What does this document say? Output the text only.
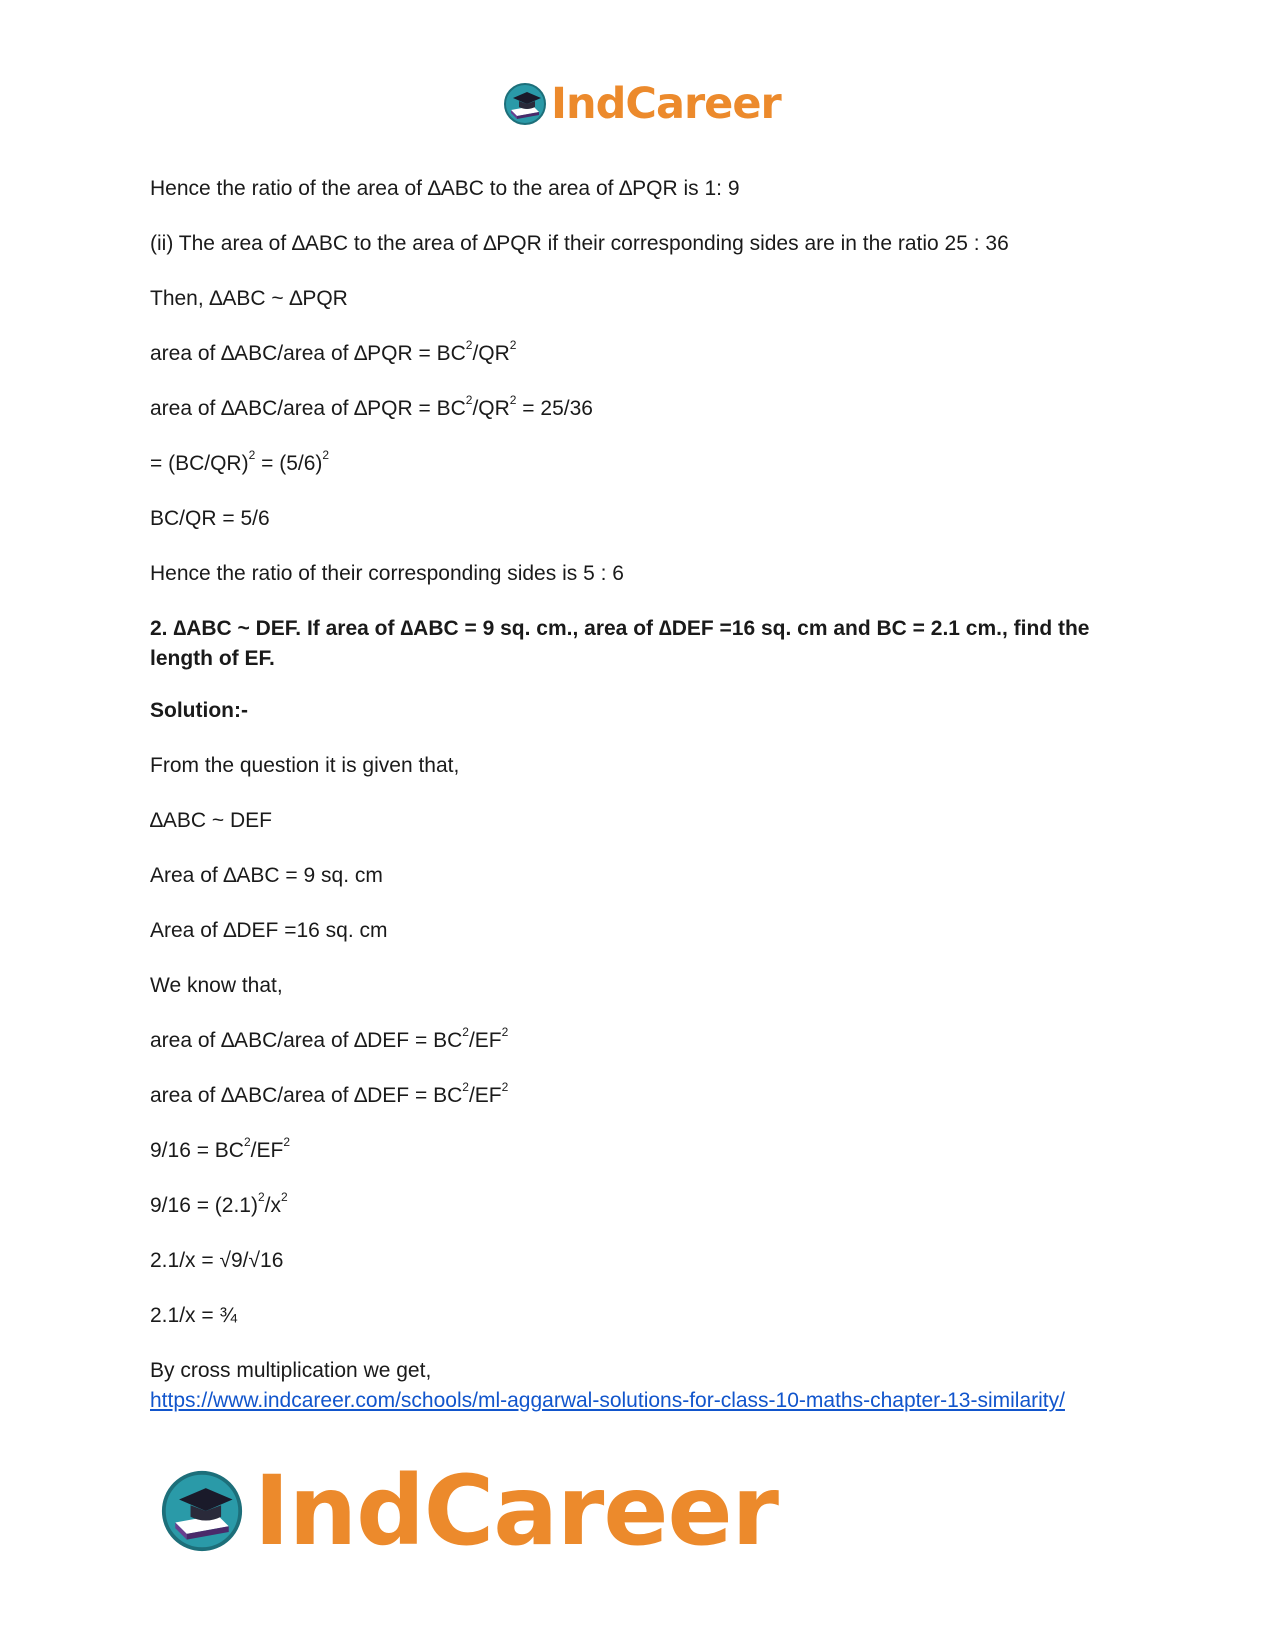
IndCareer

Hence the ratio of the area of ∆ABC to the area of ∆PQR is 1: 9

(ii) The area of ∆ABC to the area of ∆PQR if their corresponding sides are in the ratio 25 : 36

Then, ∆ABC ~ ∆PQR

area of ∆ABC/area of $\Delta PQR = BC^2/QR^2$

area of ∆ABC/area of $\Delta PQR = BC^2/QR^2 = 25/36$

= $(BC/QR)^2 = (5/6)^2$

BC/QR = 5/6

Hence the ratio of their corresponding sides is 5 : 6

2. ∆ABC ~ DEF. If area of ∆ABC = 9 sq. cm., area of ∆DEF =16 sq. cm and BC = 2.1 cm., find the length of EF.

Solution:-

From the question it is given that,

∆ABC ~ DEF

Area of ∆ABC = 9 sq. cm

Area of ∆DEF =16 sq. cm

We know that,

area of ∆ABC/area of $\Delta DEF = BC^2/EF^2$

area of ∆ABC/area of $\Delta DEF = BC^2/EF^2$

$9/16 = BC^2/EF^2$

$9/16 = (2.1)^2/x^2$

2.1/x = √9/√16

2.1/x = ¾

By cross multiplication we get,

https://www.indcareer.com/schools/ml-aggarwal-solutions-for-class-10-maths-chapter-13-similarity/
IndCareer
